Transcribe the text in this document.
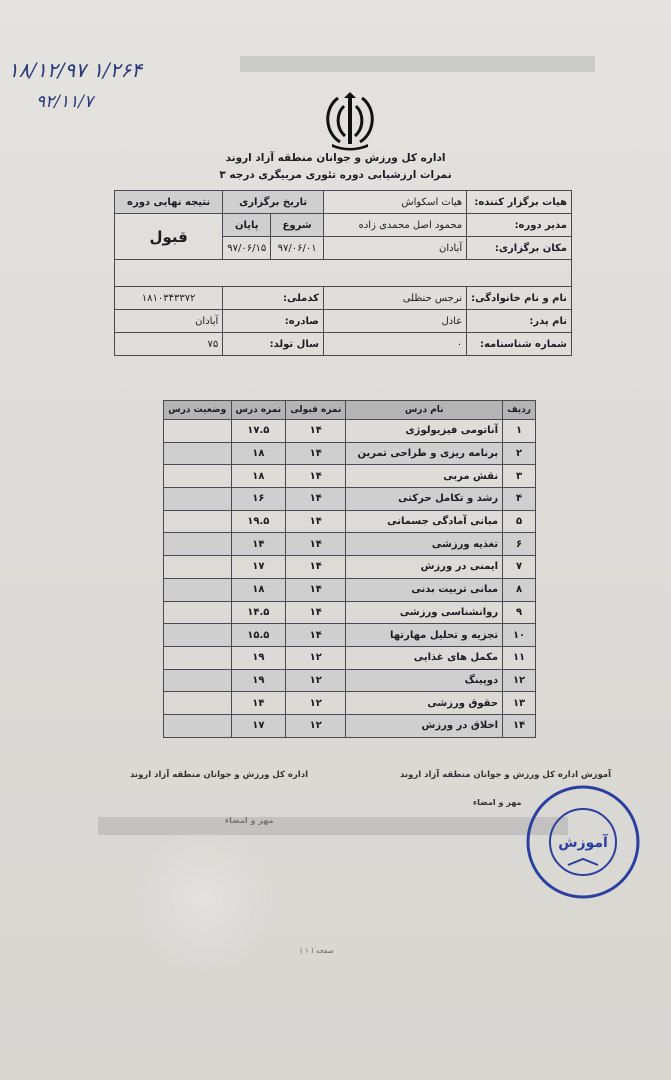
۱۸/۱۲/۹۷ ۱/۲۶۴
۹۲/۱۱/۷
اداره کل ورزش و جوانان منطقه آزاد اروند
نمرات ارزشیابی دوره تئوری مربیگری درجه ۳
هیات برگزار کننده:	هیات اسکواش	تاریخ برگزاری		نتیجه نهایی دوره
مدیر دوره:	محمود اصل محمدی زاده	شروع	پایان	قبول
مکان برگزاری:	آبادان	۹۷/۰۶/۰۱	۹۷/۰۶/۱۵	

نام و نام خانوادگی:	نرجس حنظلی	کدملی:		۱۸۱۰۳۴۳۳۷۲
نام پدر:	عادل	صادره:		آبادان
شماره شناسنامه:	۰	سال تولد:		۷۵
ردیف	نام درس	نمره قبولی	نمره درس	وضعیت درس
۱	آناتومی فیزیولوژی	۱۴	۱۷.۵	
۲	برنامه ریزی و طراحی تمرین	۱۴	۱۸	
۳	نقش مربی	۱۴	۱۸	
۴	رشد و تکامل حرکتی	۱۴	۱۶	
۵	مبانی آمادگی جسمانی	۱۴	۱۹.۵	
۶	تغذیه ورزشی	۱۴	۱۴	
۷	ایمنی در ورزش	۱۴	۱۷	
۸	مبانی تربیت بدنی	۱۴	۱۸	
۹	روانشناسی ورزشی	۱۴	۱۴.۵	
۱۰	تجزیه و تحلیل مهارتها	۱۴	۱۵.۵	
۱۱	مکمل های غذایی	۱۲	۱۹	
۱۲	دوپینگ	۱۲	۱۹	
۱۳	حقوق ورزشی	۱۲	۱۴	
۱۴	اخلاق در ورزش	۱۲	۱۷	
آموزش اداره کل ورزش و جوانان منطقه آزاد اروند
اداره کل ورزش و جوانان منطقه آزاد اروند
مهر و امضاء
آموزش
صفحه ( ۱ )
